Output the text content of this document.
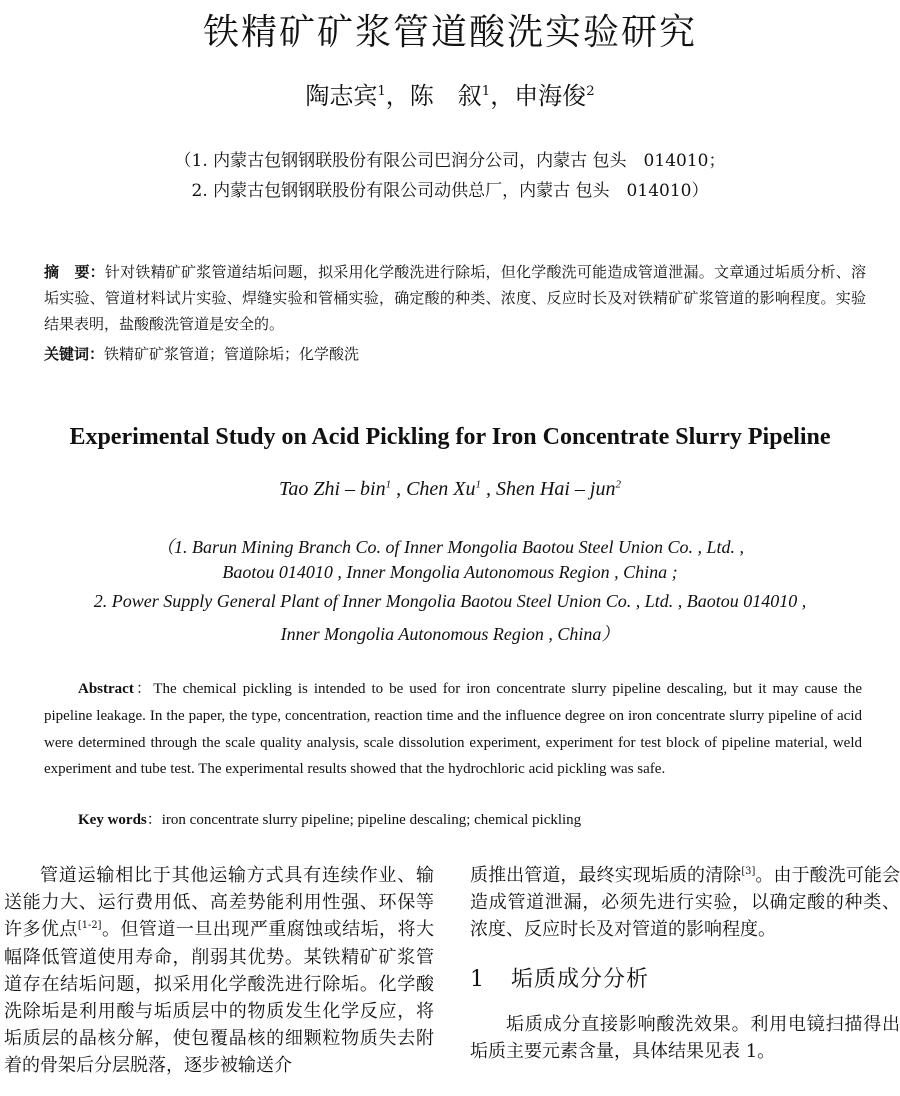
铁精矿矿浆管道酸洗实验研究
陶志宾$^1$，陈　叙$^1$，申海俊$^2$
（1. 内蒙古包钢钢联股份有限公司巴润分公司，内蒙古 包头　014010；
2. 内蒙古包钢钢联股份有限公司动供总厂，内蒙古 包头　014010）
摘　要：针对铁精矿矿浆管道结垢问题，拟采用化学酸洗进行除垢，但化学酸洗可能造成管道泄漏。文章通过垢质分析、溶垢实验、管道材料试片实验、焊缝实验和管桶实验，确定酸的种类、浓度、反应时长及对铁精矿矿浆管道的影响程度。实验结果表明，盐酸酸洗管道是安全的。
关键词：铁精矿矿浆管道；管道除垢；化学酸洗
Experimental Study on Acid Pickling for Iron Concentrate Slurry Pipeline
Tao Zhi – bin$^1$ , Chen Xu$^1$ , Shen Hai – jun$^2$
（1. Barun Mining Branch Co. of Inner Mongolia Baotou Steel Union Co. , Ltd. ,
Baotou 014010 , Inner Mongolia Autonomous Region , China ;
2. Power Supply General Plant of Inner Mongolia Baotou Steel Union Co. , Ltd. , Baotou 014010 ,
Inner Mongolia Autonomous Region , China）
Abstract：The chemical pickling is intended to be used for iron concentrate slurry pipeline descaling, but it may cause the pipeline leakage. In the paper, the type, concentration, reaction time and the influence degree on iron concentrate slurry pipeline of acid were determined through the scale quality analysis, scale dissolution experiment, experiment for test block of pipeline material, weld experiment and tube test. The experimental results showed that the hydrochloric acid pickling was safe.
Key words：iron concentrate slurry pipeline; pipeline descaling; chemical pickling
管道运输相比于其他运输方式具有连续作业、输送能力大、运行费用低、高差势能利用性强、环保等许多优点[1-2]。但管道一旦出现严重腐蚀或结垢，将大幅降低管道使用寿命，削弱其优势。某铁精矿矿浆管道存在结垢问题，拟采用化学酸洗进行除垢。化学酸洗除垢是利用酸与垢质层中的物质发生化学反应，将垢质层的晶核分解，使包覆晶核的细颗粒物质失去附着的骨架后分层脱落，逐步被输送介
质推出管道，最终实现垢质的清除[3]。由于酸洗可能会造成管道泄漏，必须先进行实验，以确定酸的种类、浓度、反应时长及对管道的影响程度。
1 垢质成分分析
垢质成分直接影响酸洗效果。利用电镜扫描得出垢质主要元素含量，具体结果见表 1。
